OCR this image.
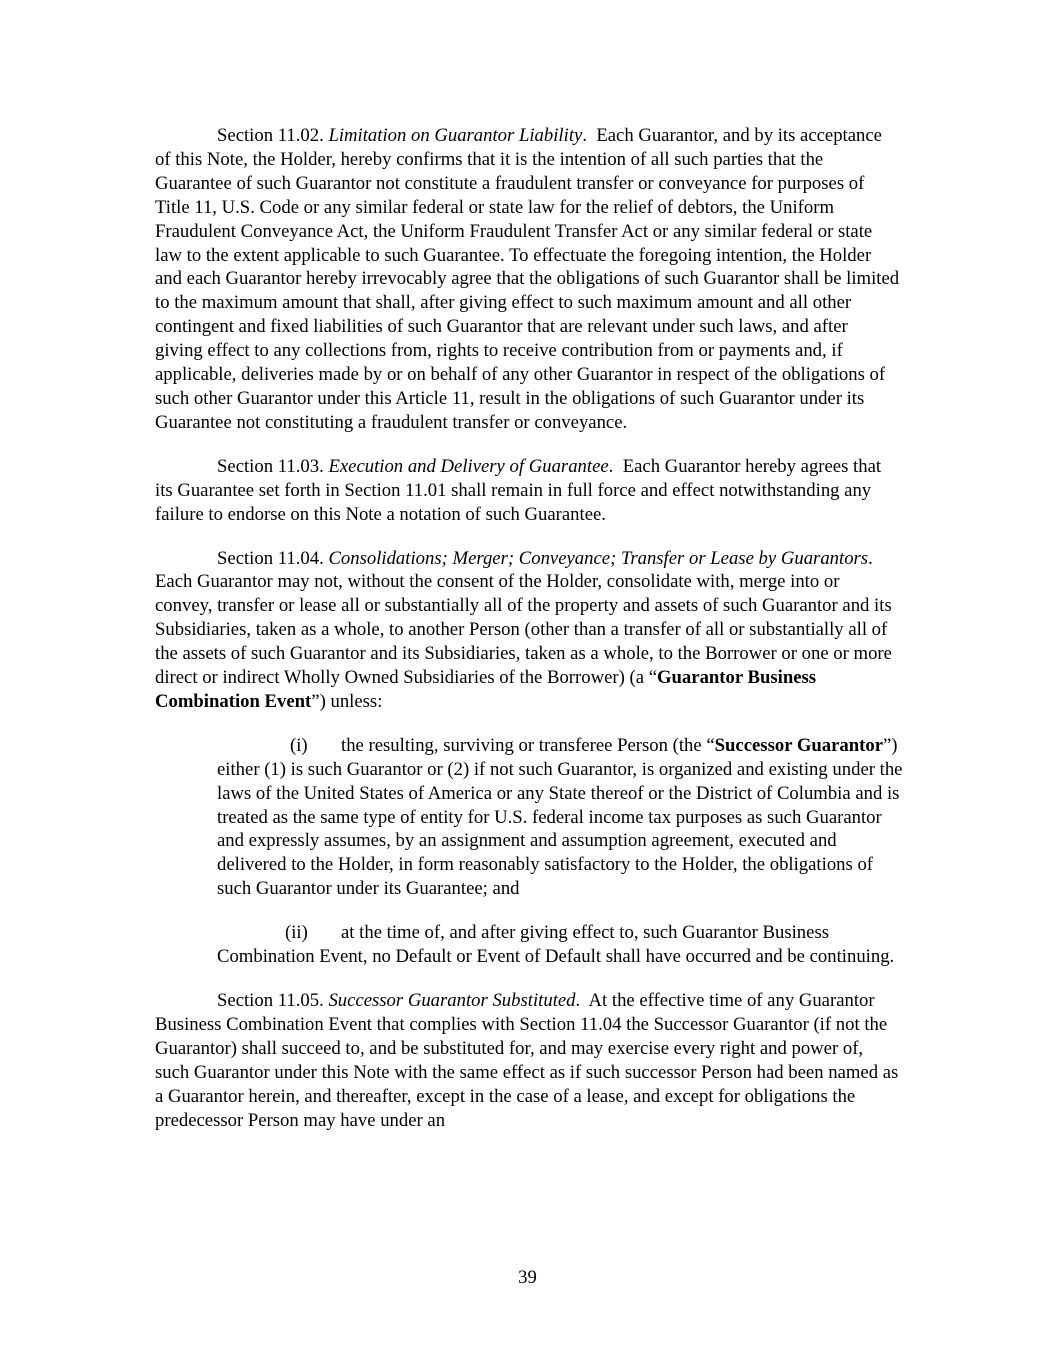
Section 11.02. Limitation on Guarantor Liability.  Each Guarantor, and by its acceptance of this Note, the Holder, hereby confirms that it is the intention of all such parties that the Guarantee of such Guarantor not constitute a fraudulent transfer or conveyance for purposes of Title 11, U.S. Code or any similar federal or state law for the relief of debtors, the Uniform Fraudulent Conveyance Act, the Uniform Fraudulent Transfer Act or any similar federal or state law to the extent applicable to such Guarantee. To effectuate the foregoing intention, the Holder and each Guarantor hereby irrevocably agree that the obligations of such Guarantor shall be limited to the maximum amount that shall, after giving effect to such maximum amount and all other contingent and fixed liabilities of such Guarantor that are relevant under such laws, and after giving effect to any collections from, rights to receive contribution from or payments and, if applicable, deliveries made by or on behalf of any other Guarantor in respect of the obligations of such other Guarantor under this Article 11, result in the obligations of such Guarantor under its Guarantee not constituting a fraudulent transfer or conveyance.

Section 11.03. Execution and Delivery of Guarantee.  Each Guarantor hereby agrees that its Guarantee set forth in Section 11.01 shall remain in full force and effect notwithstanding any failure to endorse on this Note a notation of such Guarantee.

Section 11.04. Consolidations; Merger; Conveyance; Transfer or Lease by Guarantors. Each Guarantor may not, without the consent of the Holder, consolidate with, merge into or convey, transfer or lease all or substantially all of the property and assets of such Guarantor and its Subsidiaries, taken as a whole, to another Person (other than a transfer of all or substantially all of the assets of such Guarantor and its Subsidiaries, taken as a whole, to the Borrower or one or more direct or indirect Wholly Owned Subsidiaries of the Borrower) (a “Guarantor Business Combination Event”) unless:

(i) the resulting, surviving or transferee Person (the “Successor Guarantor”) either (1) is such Guarantor or (2) if not such Guarantor, is organized and existing under the laws of the United States of America or any State thereof or the District of Columbia and is treated as the same type of entity for U.S. federal income tax purposes as such Guarantor and expressly assumes, by an assignment and assumption agreement, executed and delivered to the Holder, in form reasonably satisfactory to the Holder, the obligations of such Guarantor under its Guarantee; and
(ii) at the time of, and after giving effect to, such Guarantor Business Combination Event, no Default or Event of Default shall have occurred and be continuing.

Section 11.05. Successor Guarantor Substituted.  At the effective time of any Guarantor Business Combination Event that complies with Section 11.04 the Successor Guarantor (if not the Guarantor) shall succeed to, and be substituted for, and may exercise every right and power of, such Guarantor under this Note with the same effect as if such successor Person had been named as a Guarantor herein, and thereafter, except in the case of a lease, and except for obligations the predecessor Person may have under an

39
